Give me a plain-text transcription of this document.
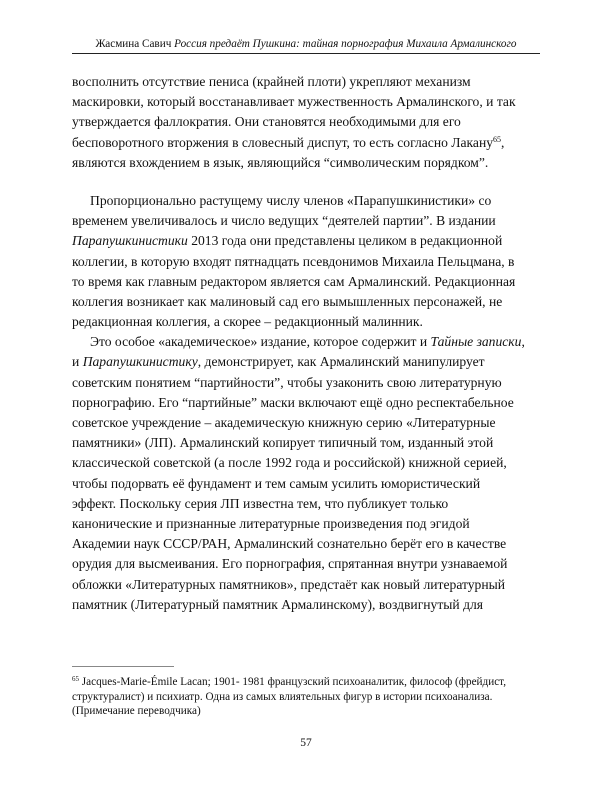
Жасмина Савич Россия предаёт Пушкина: тайная порнография Михаила Армалинского
восполнить отсутствие пениса (крайней плоти) укрепляют механизм
маскировки, который восстанавливает мужественность Армалинского, и так
утверждается фаллократия. Они становятся необходимыми для его
бесповоротного вторжения в словесный диспут, то есть согласно Лакану$^{65}$,
являются вхождением в язык, являющийся “символическим порядком”.
Пропорционально растущему числу членов «Парапушкинистики» со
временем увеличивалось и число ведущих “деятелей партии”. В издании
Парапушкинистики 2013 года они представлены целиком в редакционной
коллегии, в которую входят пятнадцать псевдонимов Михаила Пельцмана, в
то время как главным редактором является сам Армалинский. Редакционная
коллегия возникает как малиновый сад его вымышленных персонажей, не
редакционная коллегия, а скорее – редакционный малинник.
Это особое «академическое» издание, которое содержит и Тайные записки,
и Парапушкинистику, демонстрирует, как Армалинский манипулирует
советским понятием “партийности”, чтобы узаконить свою литературную
порнографию. Его “партийные” маски включают ещё одно респектабельное
советское учреждение – академическую книжную серию «Литературные
памятники» (ЛП). Армалинский копирует типичный том, изданный этой
классической советской (а после 1992 года и российской) книжной серией,
чтобы подорвать её фундамент и тем самым усилить юмористический
эффект. Поскольку серия ЛП известна тем, что публикует только
канонические и признанные литературные произведения под эгидой
Академии наук СССР/РАН, Армалинский сознательно берёт его в качестве
орудия для высмеивания. Его порнография, спрятанная внутри узнаваемой
обложки «Литературных памятников», предстаёт как новый литературный
памятник (Литературный памятник Армалинскому), воздвигнутый для
$^{65}$ Jacques-Marie-Émile Lacan; 1901- 1981 французский психоаналитик, философ (фрейдист,
структуралист) и психиатр. Одна из самых влиятельных фигур в истории психоанализа.
(Примечание переводчика)
57
